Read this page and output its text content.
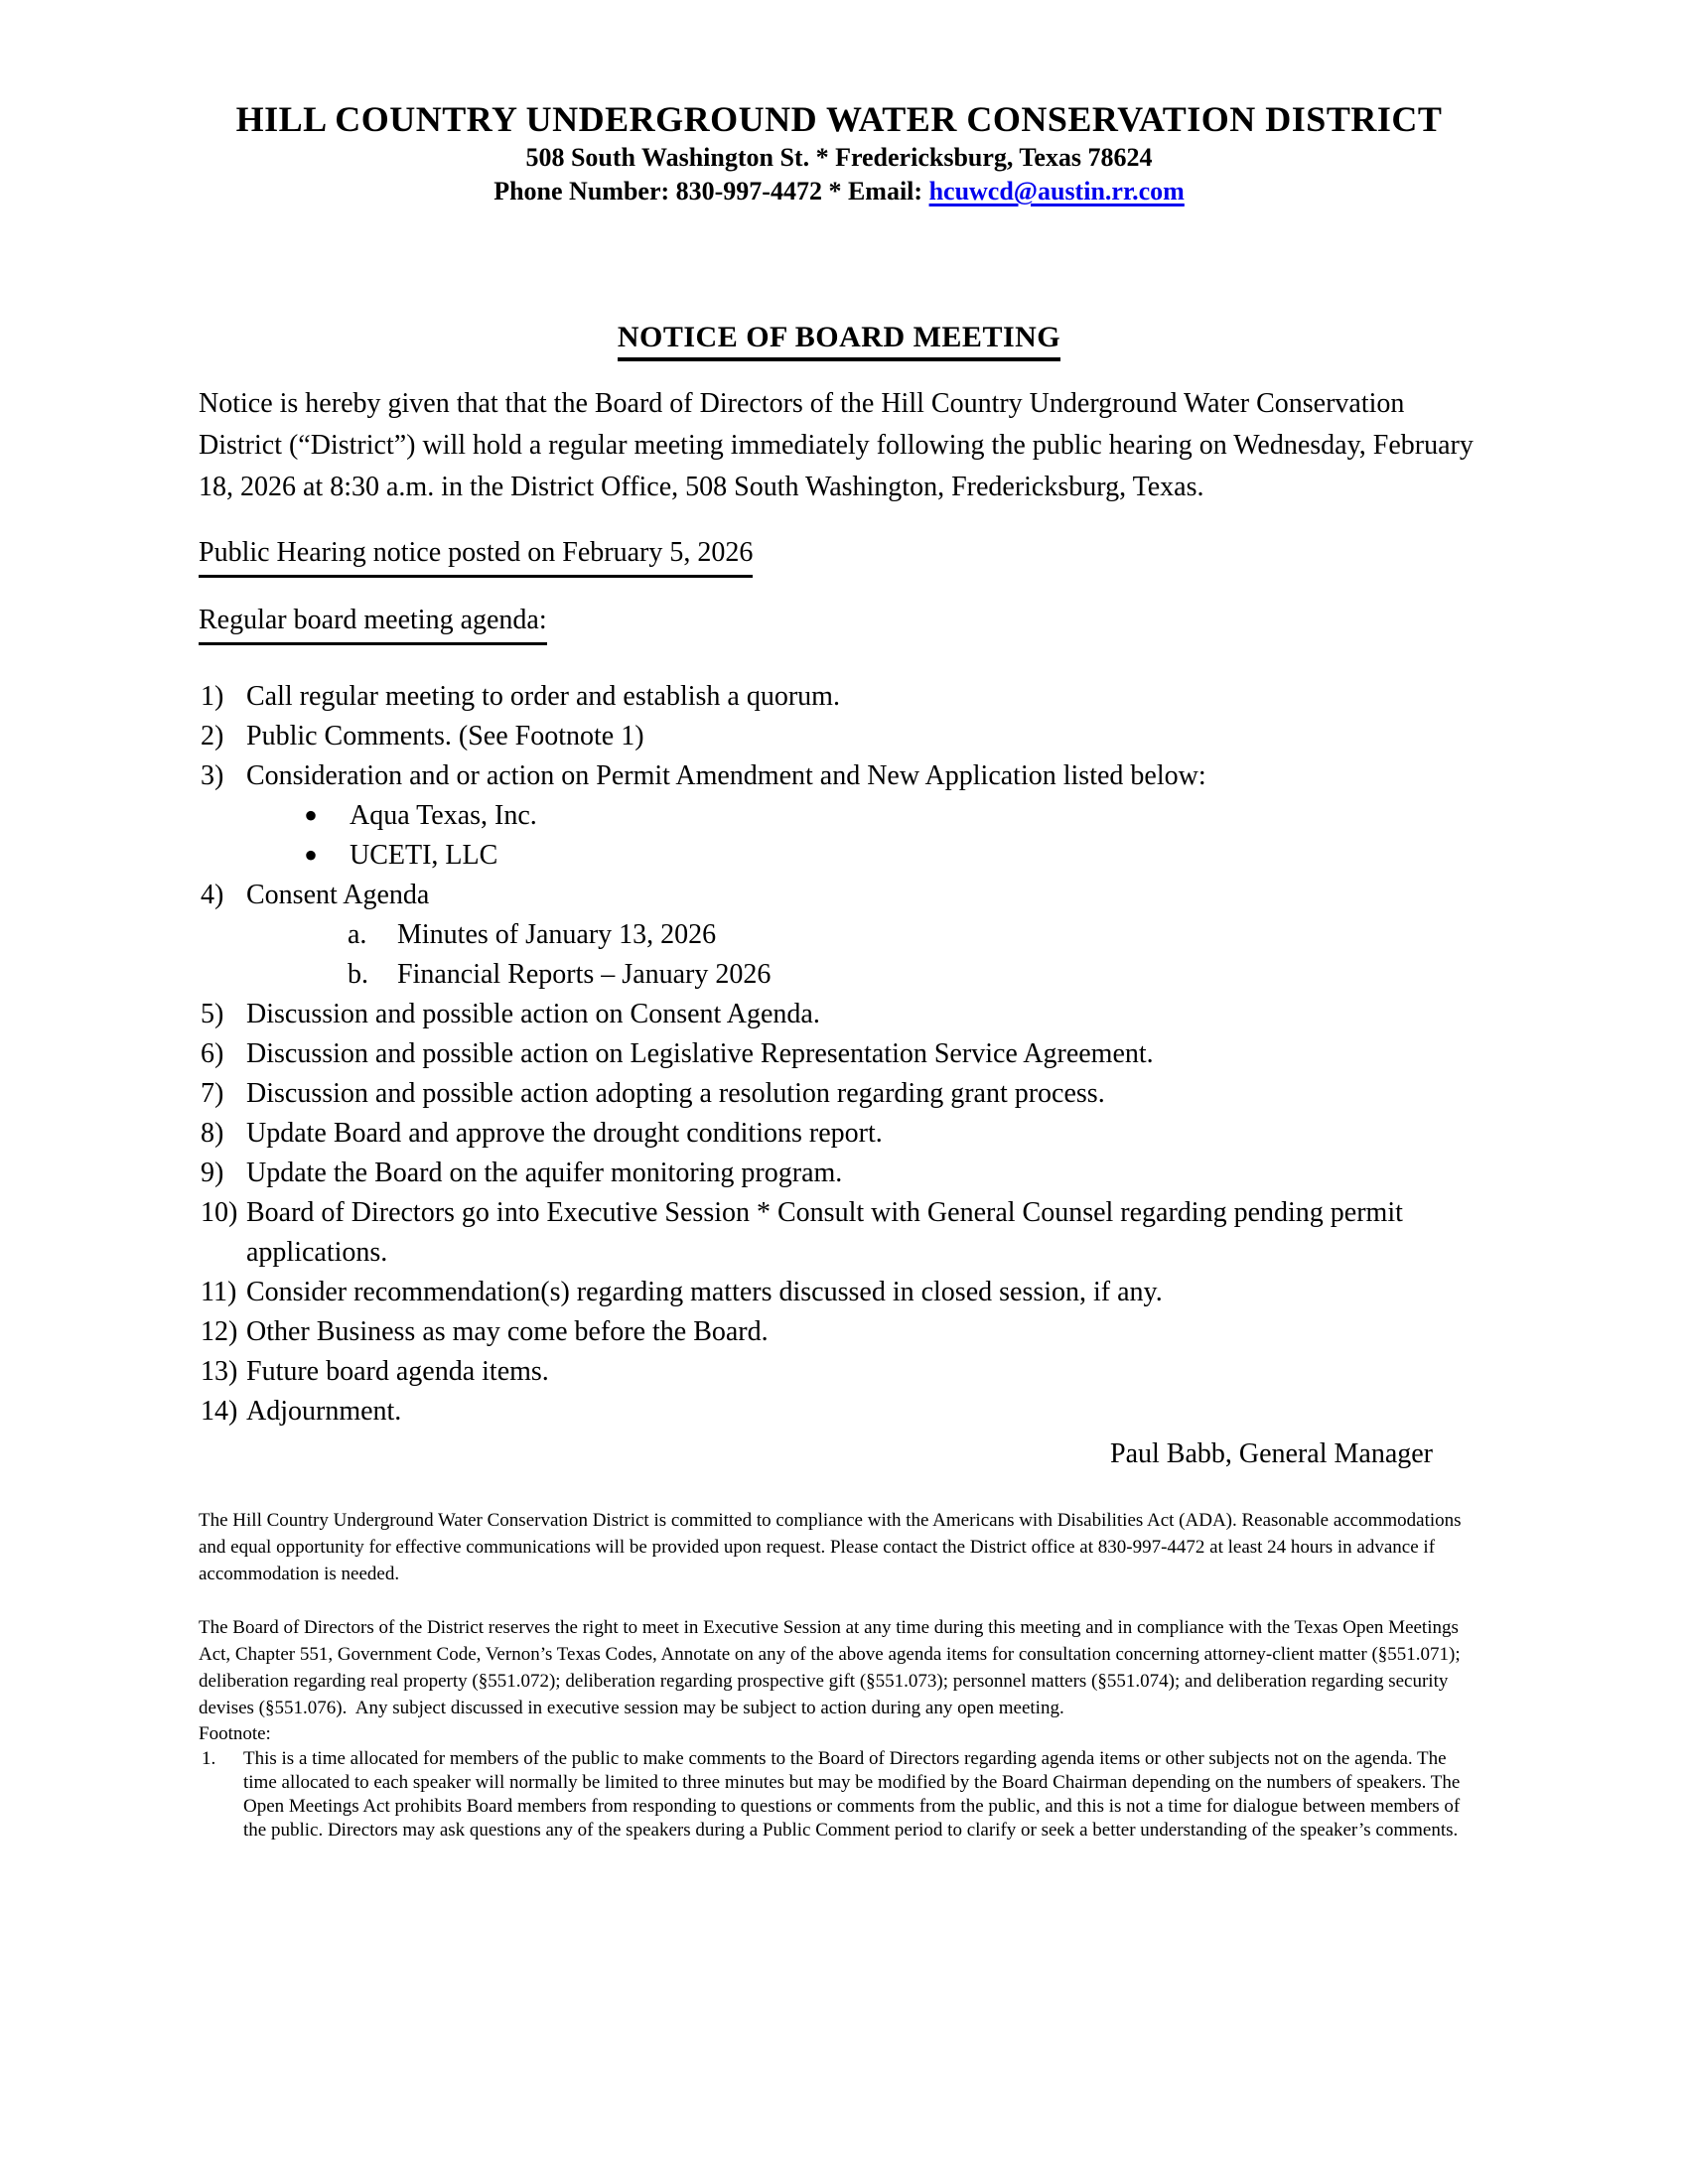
HILL COUNTRY UNDERGROUND WATER CONSERVATION DISTRICT

508 South Washington St. * Fredericksburg, Texas 78624

Phone Number: 830-997-4472 * Email: hcuwcd@austin.rr.com

NOTICE OF BOARD MEETING

Notice is hereby given that that the Board of Directors of the Hill Country Underground Water Conservation District (“District”) will hold a regular meeting immediately following the public hearing on Wednesday, February 18, 2026 at 8:30 a.m. in the District Office, 508 South Washington, Fredericksburg, Texas.

Public Hearing notice posted on February 5, 2026
Regular board meeting agenda:
1) Call regular meeting to order and establish a quorum.
2) Public Comments. (See Footnote 1)
3) Consideration and or action on Permit Amendment and New Application listed below:
•	Aqua Texas, Inc.
•	UCETI, LLC
4) Consent Agenda
a.	Minutes of January 13, 2026
b.	Financial Reports – January 2026
5) Discussion and possible action on Consent Agenda.
6) Discussion and possible action on Legislative Representation Service Agreement.
7) Discussion and possible action adopting a resolution regarding grant process.
8) Update Board and approve the drought conditions report.
9) Update the Board on the aquifer monitoring program.
10) Board of Directors go into Executive Session * Consult with General Counsel regarding pending permit applications.
11) Consider recommendation(s) regarding matters discussed in closed session, if any.
12) Other Business as may come before the Board.
13) Future board agenda items.
14) Adjournment.

Paul Babb, General Manager

The Hill Country Underground Water Conservation District is committed to compliance with the Americans with Disabilities Act (ADA). Reasonable accommodations and equal opportunity for effective communications will be provided upon request. Please contact the District office at 830-997-4472 at least 24 hours in advance if accommodation is needed.

The Board of Directors of the District reserves the right to meet in Executive Session at any time during this meeting and in compliance with the Texas Open Meetings Act, Chapter 551, Government Code, Vernon’s Texas Codes, Annotate on any of the above agenda items for consultation concerning attorney-client matter (§551.071); deliberation regarding real property (§551.072); deliberation regarding prospective gift (§551.073); personnel matters (§551.074); and deliberation regarding security devises (§551.076).  Any subject discussed in executive session may be subject to action during any open meeting.

Footnote:

1.	This is a time allocated for members of the public to make comments to the Board of Directors regarding agenda items or other subjects not on the agenda. The time allocated to each speaker will normally be limited to three minutes but may be modified by the Board Chairman depending on the numbers of speakers. The Open Meetings Act prohibits Board members from responding to questions or comments from the public, and this is not a time for dialogue between members of the public. Directors may ask questions any of the speakers during a Public Comment period to clarify or seek a better understanding of the speaker’s comments.
